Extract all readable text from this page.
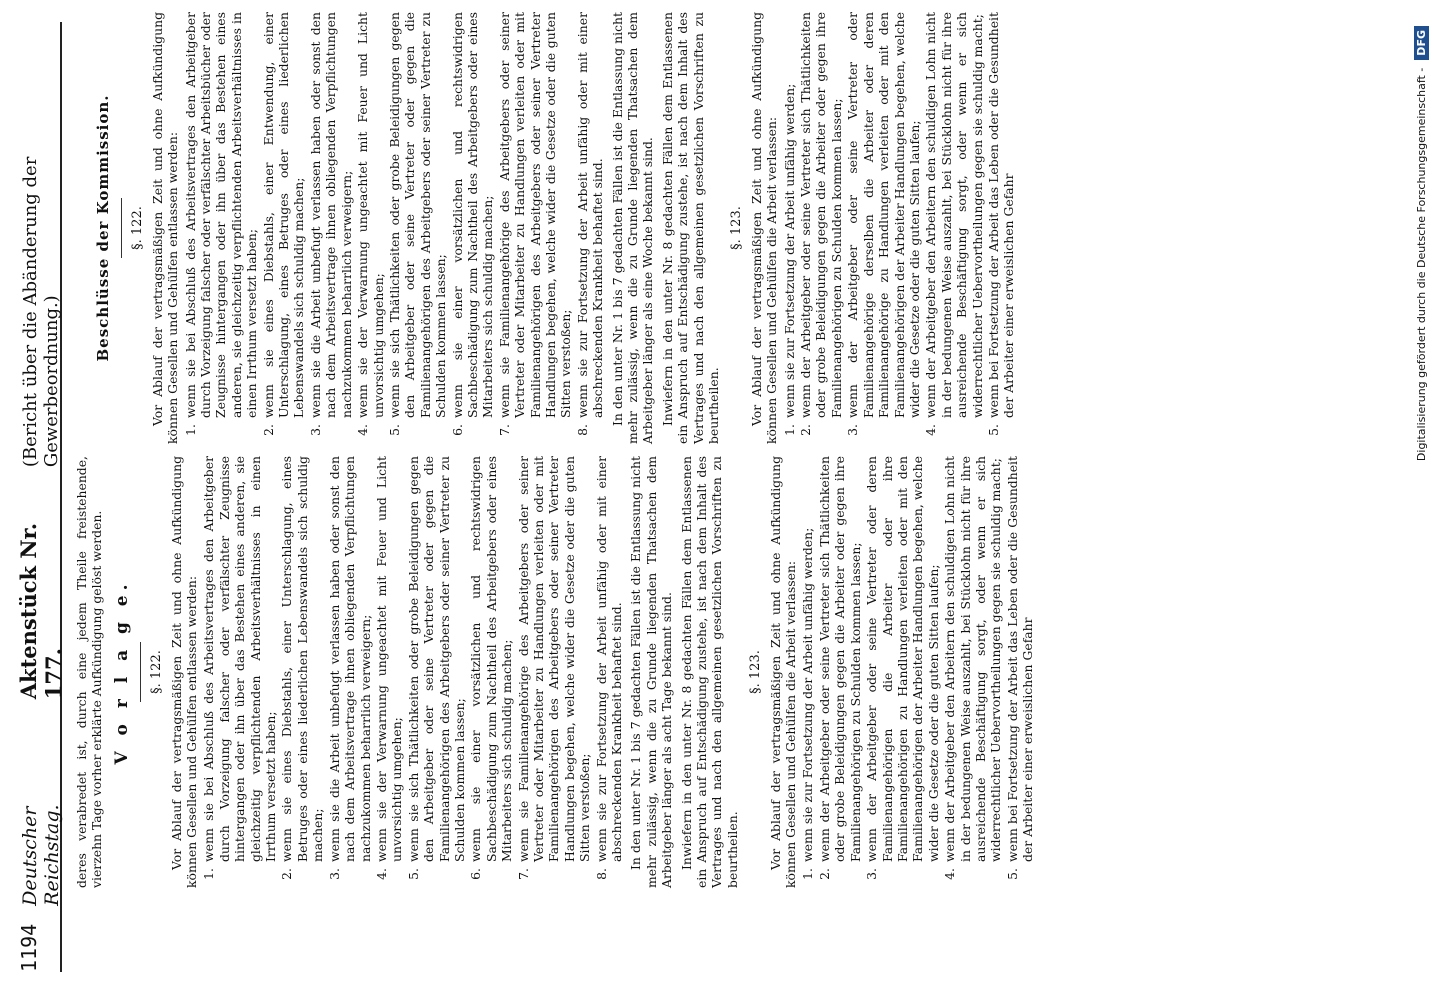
1194
Deutscher Reichstag.
Aktenstück Nr. 177.
(Bericht über die Abänderung der Gewerbeordnung.)

deres verabredet ist, durch eine jedem Theile freistehende, vierzehn Tage vorher erklärte Aufkündigung gelöst werden. V o r l a g e. §. 122. Vor Ablauf der vertragsmäßigen Zeit und ohne Aufkündigung können Gesellen und Gehülfen entlassen werden: 1.
wenn sie bei Abschluß des Arbeitsvertrages den Arbeitgeber durch Vorzeigung falscher oder verfälschter Zeugnisse hintergangen oder ihn über das Bestehen eines anderen, sie gleichzeitig verpflichtenden Arbeitsverhältnisses in einen Irrthum versetzt haben;
2.
wenn sie eines Diebstahls, einer Unterschlagung, eines Betruges oder eines liederlichen Lebenswandels sich schuldig machen;
3.
wenn sie die Arbeit unbefugt verlassen haben oder sonst den nach dem Arbeitsvertrage ihnen obliegenden Verpflichtungen nachzukommen beharrlich verweigern;
4.
wenn sie der Verwarnung ungeachtet mit Feuer und Licht unvorsichtig umgehen;
5.
wenn sie sich Thätlichkeiten oder grobe Beleidigungen gegen den Arbeitgeber oder seine Vertreter oder gegen die Familienangehörigen des Arbeitgebers oder seiner Vertreter zu Schulden kommen lassen;
6.
wenn sie einer vorsätzlichen und rechtswidrigen Sachbeschädigung zum Nachtheil des Arbeitgebers oder eines Mitarbeiters sich schuldig machen;
7.
wenn sie Familienangehörige des Arbeitgebers oder seiner Vertreter oder Mitarbeiter zu Handlungen verleiten oder mit Familienangehörigen des Arbeitgebers oder seiner Vertreter Handlungen begehen, welche wider die Gesetze oder die guten Sitten verstoßen;
8.
wenn sie zur Fortsetzung der Arbeit unfähig oder mit einer abschreckenden Krankheit behaftet sind. In den unter Nr. 1 bis 7 gedachten Fällen ist die Entlassung nicht mehr zulässig, wenn die zu Grunde liegenden Thatsachen dem Arbeitgeber länger als acht Tage bekannt sind. Inwiefern in den unter Nr. 8 gedachten Fällen dem Entlassenen ein Anspruch auf Entschädigung zustehe, ist nach dem Inhalt des Vertrages und nach den allgemeinen gesetzlichen Vorschriften zu beurtheilen.

§. 123. Vor Ablauf der vertragsmäßigen Zeit und ohne Aufkündigung können Gesellen und Gehülfen die Arbeit verlassen: 1.
wenn sie zur Fortsetzung der Arbeit unfähig werden;
2.
wenn der Arbeitgeber oder seine Vertreter sich Thätlichkeiten oder grobe Beleidigungen gegen die Arbeiter oder gegen ihre Familienangehörigen zu Schulden kommen lassen;
3.
wenn der Arbeitgeber oder seine Vertreter oder deren Familienangehörigen die Arbeiter oder ihre Familienangehörigen zu Handlungen verleiten oder mit den Familienangehörigen der Arbeiter Handlungen begehen, welche wider die Gesetze oder die guten Sitten laufen;
4.
wenn der Arbeitgeber den Arbeitern den schuldigen Lohn nicht in der bedungenen Weise auszahlt, bei Stücklohn nicht für ihre ausreichende Beschäftigung sorgt, oder wenn er sich widerrechtlicher Uebervortheilungen gegen sie schuldig macht;
5.
wenn bei Fortsetzung der Arbeit das Leben oder die Gesundheit der Arbeiter einer erweislichen Gefahr
Beschlüsse der Kommission. §. 122. Vor Ablauf der vertragsmäßigen Zeit und ohne Aufkündigung können Gesellen und Gehülfen entlassen werden: 1.
wenn sie bei Abschluß des Arbeitsvertrages den Arbeitgeber durch Vorzeigung falscher oder verfälschter Arbeitsbücher oder Zeugnisse hintergangen oder ihn über das Bestehen eines anderen, sie gleichzeitig verpflichtenden Arbeitsverhältnisses in einen Irrthum versetzt haben;
2.
wenn sie eines Diebstahls, einer Entwendung, einer Unterschlagung, eines Betruges oder eines liederlichen Lebenswandels sich schuldig machen;
3.
wenn sie die Arbeit unbefugt verlassen haben oder sonst den nach dem Arbeitsvertrage ihnen obliegenden Verpflichtungen nachzukommen beharrlich verweigern;
4.
wenn sie der Verwarnung ungeachtet mit Feuer und Licht unvorsichtig umgehen;
5.
wenn sie sich Thätlichkeiten oder grobe Beleidigungen gegen den Arbeitgeber oder seine Vertreter oder gegen die Familienangehörigen des Arbeitgebers oder seiner Vertreter zu Schulden kommen lassen;
6.
wenn sie einer vorsätzlichen und rechtswidrigen Sachbeschädigung zum Nachtheil des Arbeitgebers oder eines Mitarbeiters sich schuldig machen;
7.
wenn sie Familienangehörige des Arbeitgebers oder seiner Vertreter oder Mitarbeiter zu Handlungen verleiten oder mit Familienangehörigen des Arbeitgebers oder seiner Vertreter Handlungen begehen, welche wider die Gesetze oder die guten Sitten verstoßen;
8.
wenn sie zur Fortsetzung der Arbeit unfähig oder mit einer abschreckenden Krankheit behaftet sind. In den unter Nr. 1 bis 7 gedachten Fällen ist die Entlassung nicht mehr zulässig, wenn die zu Grunde liegenden Thatsachen dem Arbeitgeber länger als eine Woche bekannt sind. Inwiefern in den unter Nr. 8 gedachten Fällen dem Entlassenen ein Anspruch auf Entschädigung zustehe, ist nach dem Inhalt des Vertrages und nach den allgemeinen gesetzlichen Vorschriften zu beurtheilen.

§. 123. Vor Ablauf der vertragsmäßigen Zeit und ohne Aufkündigung können Gesellen und Gehülfen die Arbeit verlassen: 1.
wenn sie zur Fortsetzung der Arbeit unfähig werden;
2.
wenn der Arbeitgeber oder seine Vertreter sich Thätlichkeiten oder grobe Beleidigungen gegen die Arbeiter oder gegen ihre Familienangehörigen zu Schulden kommen lassen;
3.
wenn der Arbeitgeber oder seine Vertreter oder Familienangehörige derselben die Arbeiter oder deren Familienangehörige zu Handlungen verleiten oder mit den Familienangehörigen der Arbeiter Handlungen begehen, welche wider die Gesetze oder die guten Sitten laufen;
4.
wenn der Arbeitgeber den Arbeitern den schuldigen Lohn nicht in der bedungenen Weise auszahlt, bei Stücklohn nicht für ihre ausreichende Beschäftigung sorgt, oder wenn er sich widerrechtlicher Uebervortheilungen gegen sie schuldig macht;
5.
wenn bei Fortsetzung der Arbeit das Leben oder die Gesundheit der Arbeiter einer erweislichen Gefahr	Digitalisierung gefördert durch die Deutsche Forschungsgemeinschaft -
DFG
